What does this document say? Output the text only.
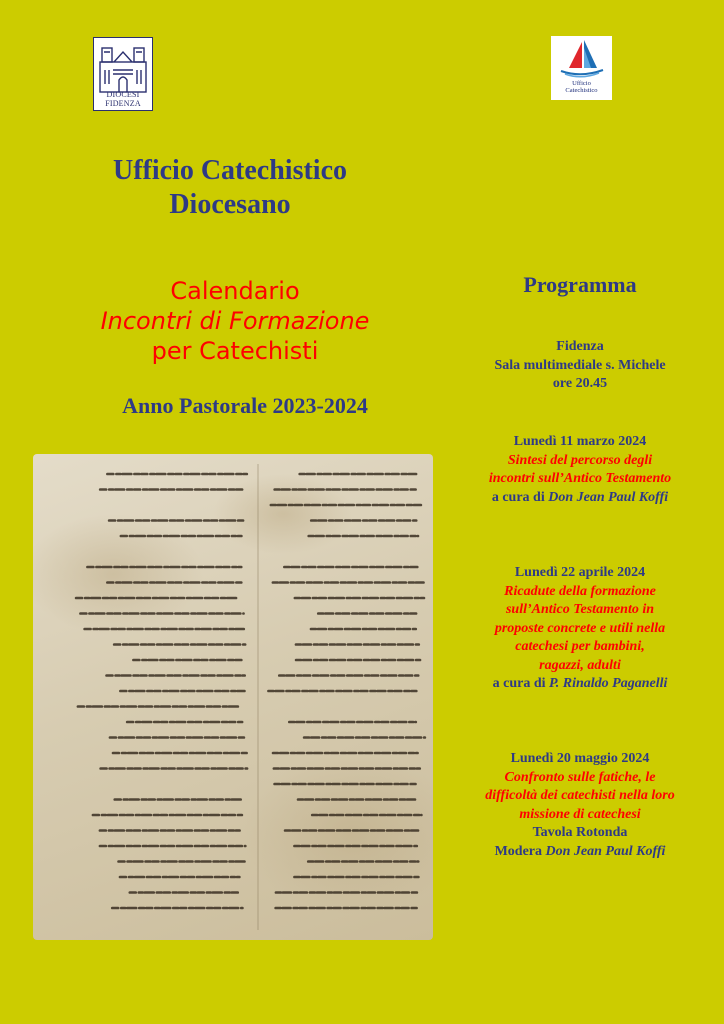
DIOCESI
FIDENZA
Ufficio
Catechistico
Ufficio Catechistico
Diocesano
Calendario
Incontri di Formazione
per Catechisti
Anno Pastorale 2023-2024
Programma
Fidenza
Sala multimediale s. Michele
ore 20.45
Lunedì 11 marzo 2024
Sintesi del percorso degli
incontri sull’Antico Testamento
a cura di Don Jean Paul Koffi
Lunedì 22 aprile 2024
Ricadute della formazione
sull’Antico Testamento in
proposte concrete e utili nella
catechesi per bambini,
ragazzi, adulti
a cura di P. Rinaldo Paganelli
Lunedì 20 maggio 2024
Confronto sulle fatiche, le
difficoltà dei catechisti nella loro
missione di catechesi
Tavola Rotonda
Modera Don Jean Paul Koffi
